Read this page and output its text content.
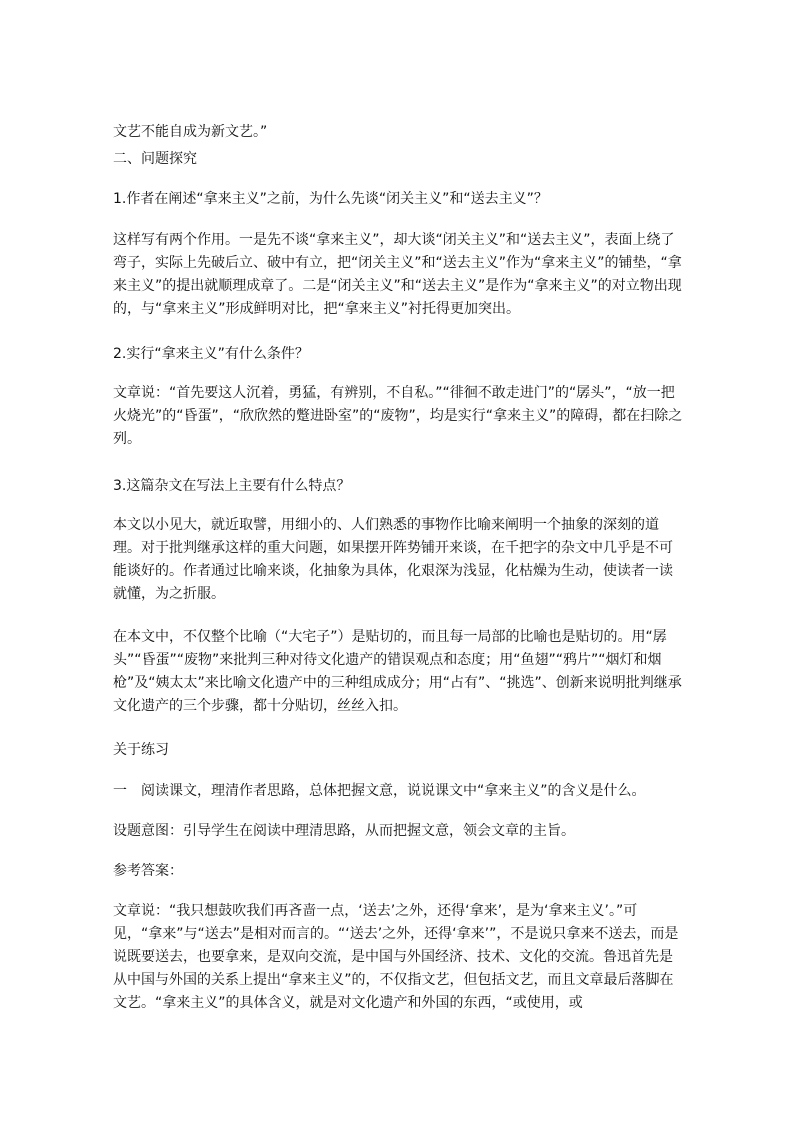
文艺不能自成为新文艺。”

二、问题探究

1.作者在阐述“拿来主义”之前，为什么先谈“闭关主义”和“送去主义”？

这样写有两个作用。一是先不谈“拿来主义”，却大谈“闭关主义”和“送去主义”，表面上绕了弯子，实际上先破后立、破中有立，把“闭关主义”和“送去主义”作为“拿来主义”的铺垫，“拿来主义”的提出就顺理成章了。二是“闭关主义”和“送去主义”是作为“拿来主义”的对立物出现的，与“拿来主义”形成鲜明对比，把“拿来主义”衬托得更加突出。

2.实行“拿来主义”有什么条件？

文章说：“首先要这人沉着，勇猛，有辨别，不自私。”“徘徊不敢走进门”的“孱头”，“放一把火烧光”的“昏蛋”，“欣欣然的蹩进卧室”的“废物”，均是实行“拿来主义”的障碍，都在扫除之列。

3.这篇杂文在写法上主要有什么特点？

本文以小见大，就近取譬，用细小的、人们熟悉的事物作比喻来阐明一个抽象的深刻的道理。对于批判继承这样的重大问题，如果摆开阵势铺开来谈，在千把字的杂文中几乎是不可能谈好的。作者通过比喻来谈，化抽象为具体，化艰深为浅显，化枯燥为生动，使读者一读就懂，为之折服。

在本文中，不仅整个比喻（“大宅子”）是贴切的，而且每一局部的比喻也是贴切的。用“孱头”“昏蛋”“废物”来批判三种对待文化遗产的错误观点和态度；用“鱼翅”“鸦片”“烟灯和烟枪”及“姨太太”来比喻文化遗产中的三种组成成分；用“占有”、“挑选”、创新来说明批判继承文化遗产的三个步骤，都十分贴切，丝丝入扣。

关于练习

一　阅读课文，理清作者思路，总体把握文意，说说课文中“拿来主义”的含义是什么。

设题意图：引导学生在阅读中理清思路，从而把握文意，领会文章的主旨。

参考答案：

文章说：“我只想鼓吹我们再吝啬一点，‘送去’之外，还得‘拿来’，是为‘拿来主义’。”可见，“拿来”与“送去”是相对而言的。“‘送去’之外，还得‘拿来’”，不是说只拿来不送去，而是说既要送去，也要拿来，是双向交流，是中国与外国经济、技术、文化的交流。鲁迅首先是从中国与外国的关系上提出“拿来主义”的，不仅指文艺，但包括文艺，而且文章最后落脚在文艺。“拿来主义”的具体含义，就是对文化遗产和外国的东西，“或使用，或
